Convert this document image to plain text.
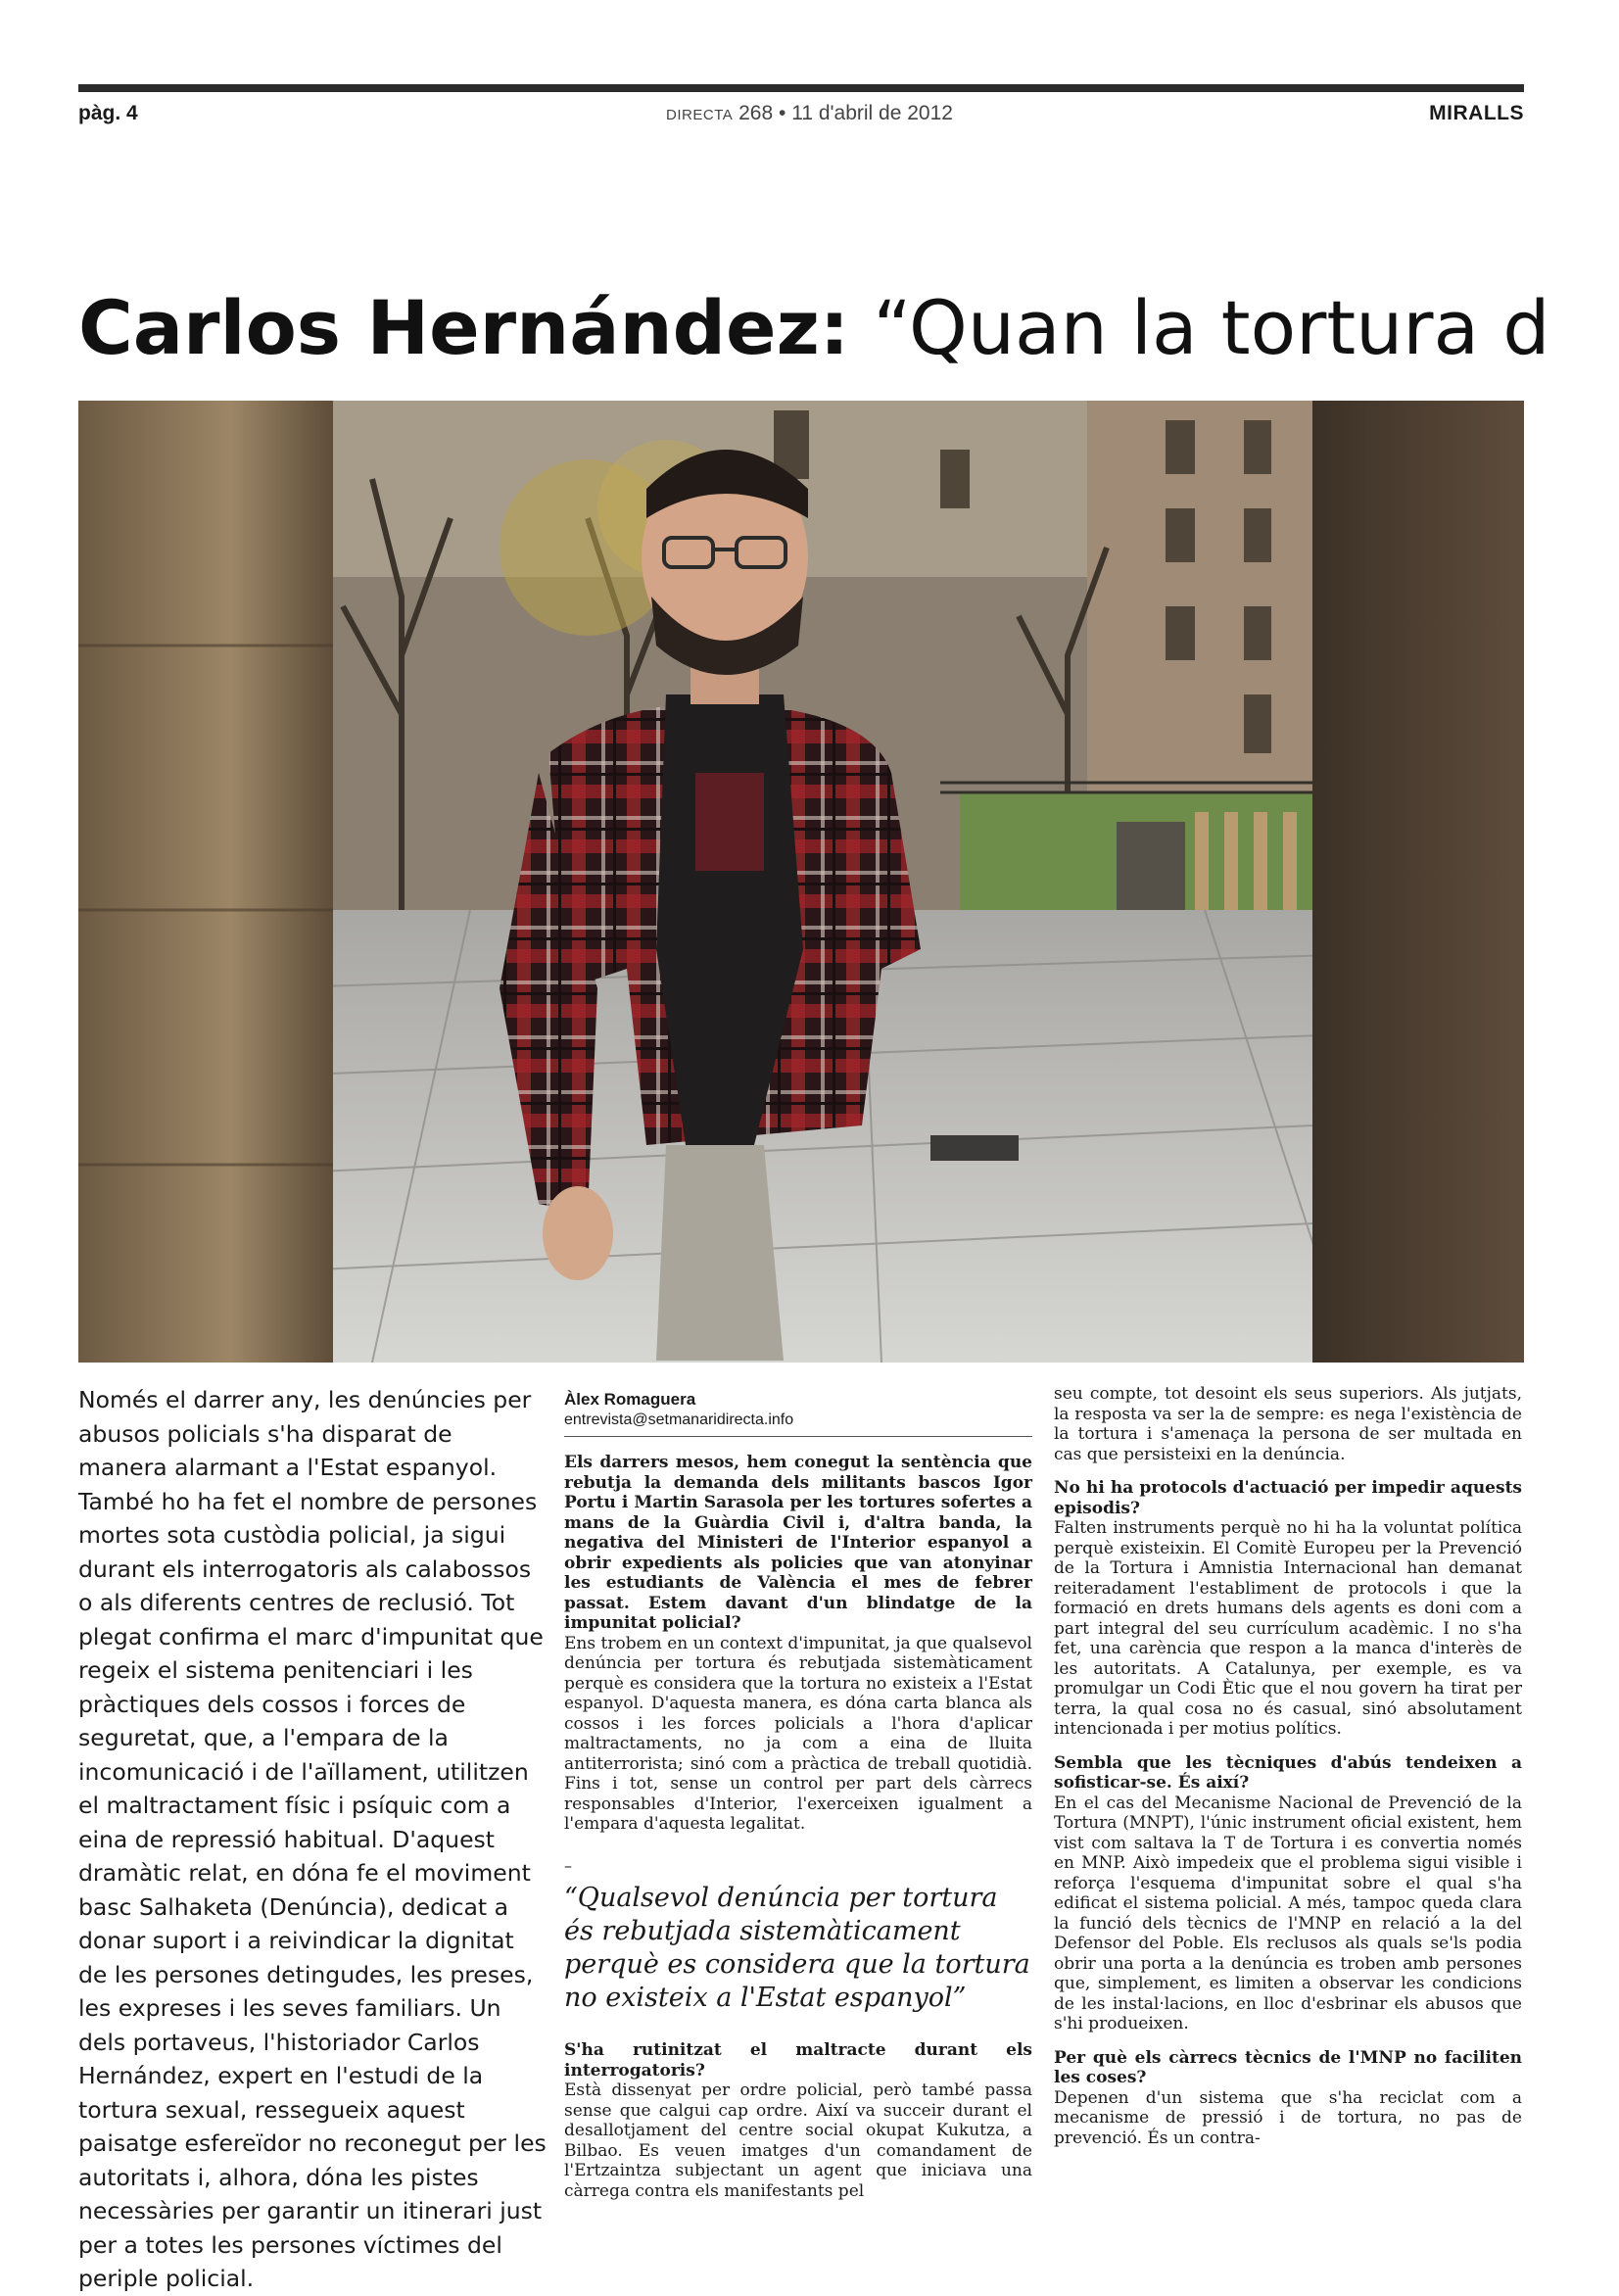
pàg. 4	DIRECTA 268 • 11 d'abril de 2012	MIRALLS
Carlos Hernández: “Quan la tortura d

Només el darrer any, les denúncies per abusos policials s'ha disparat de manera alarmant a l'Estat espanyol. També ho ha fet el nombre de persones mortes sota custòdia policial, ja sigui durant els interrogatoris als calabossos o als diferents centres de reclusió. Tot plegat confirma el marc d'impunitat que regeix el sistema penitenciari i les pràctiques dels cossos i forces de seguretat, que, a l'empara de la incomunicació i de l'aïllament, utilitzen el maltractament físic i psíquic com a eina de repressió habitual. D'aquest dramàtic relat, en dóna fe el moviment basc Salhaketa (Denúncia), dedicat a donar suport i a reivindicar la dignitat de les persones detingudes, les preses, les expreses i les seves familiars. Un dels portaveus, l'historiador Carlos Hernández, expert en l'estudi de la tortura sexual, ressegueix aquest paisatge esfereïdor no reconegut per les autoritats i, alhora, dóna les pistes necessàries per garantir un itinerari just per a totes les persones víctimes del periple policial.

Àlex Romaguera

entrevista@setmanaridirecta.info

Els darrers mesos, hem conegut la sentència que rebutja la demanda dels militants bascos Igor Portu i Martin Sarasola per les tortures sofertes a mans de la Guàrdia Civil i, d'altra banda, la negativa del Ministeri de l'Interior espanyol a obrir expedients als policies que van atonyinar les estudiants de València el mes de febrer passat. Estem davant d'un blindatge de la impunitat policial?

Ens trobem en un context d'impunitat, ja que qualsevol denúncia per tortura és rebutjada sistemàticament perquè es considera que la tortura no existeix a l'Estat espanyol. D'aquesta manera, es dóna carta blanca als cossos i les forces policials a l'hora d'aplicar maltractaments, no ja com a eina de lluita antiterrorista; sinó com a pràctica de treball quotidià. Fins i tot, sense un control per part dels càrrecs responsables d'Interior, l'exerceixen igualment a l'empara d'aquesta legalitat.

–

“Qualsevol denúncia per tortura és rebutjada sistemàticament perquè es considera que la tortura no existeix a l'Estat espanyol”

S'ha rutinitzat el maltracte durant els interrogatoris?

Està dissenyat per ordre policial, però també passa sense que calgui cap ordre. Així va succeir durant el desallotjament del centre social okupat Kukutza, a Bilbao. Es veuen imatges d'un comandament de l'Ertzaintza subjectant un agent que iniciava una càrrega contra els manifestants pel

seu compte, tot desoint els seus superiors. Als jutjats, la resposta va ser la de sempre: es nega l'existència de la tortura i s'amenaça la persona de ser multada en cas que persisteixi en la denúncia.

No hi ha protocols d'actuació per impedir aquests episodis?

Falten instruments perquè no hi ha la voluntat política perquè existeixin. El Comitè Europeu per la Prevenció de la Tortura i Amnistia Internacional han demanat reiteradament l'establiment de protocols i que la formació en drets humans dels agents es doni com a part integral del seu currículum acadèmic. I no s'ha fet, una carència que respon a la manca d'interès de les autoritats. A Catalunya, per exemple, es va promulgar un Codi Ètic que el nou govern ha tirat per terra, la qual cosa no és casual, sinó absolutament intencionada i per motius polítics.

Sembla que les tècniques d'abús tendeixen a sofisticar-se. És així?

En el cas del Mecanisme Nacional de Prevenció de la Tortura (MNPT), l'únic instrument oficial existent, hem vist com saltava la T de Tortura i es convertia només en MNP. Això impedeix que el problema sigui visible i reforça l'esquema d'impunitat sobre el qual s'ha edificat el sistema policial. A més, tampoc queda clara la funció dels tècnics de l'MNP en relació a la del Defensor del Poble. Els reclusos als quals se'ls podia obrir una porta a la denúncia es troben amb persones que, simplement, es limiten a observar les condicions de les instal·lacions, en lloc d'esbrinar els abusos que s'hi produeixen.

Per què els càrrecs tècnics de l'MNP no faciliten les coses?

Depenen d'un sistema que s'ha reciclat com a mecanisme de pressió i de tortura, no pas de prevenció. És un contra-
